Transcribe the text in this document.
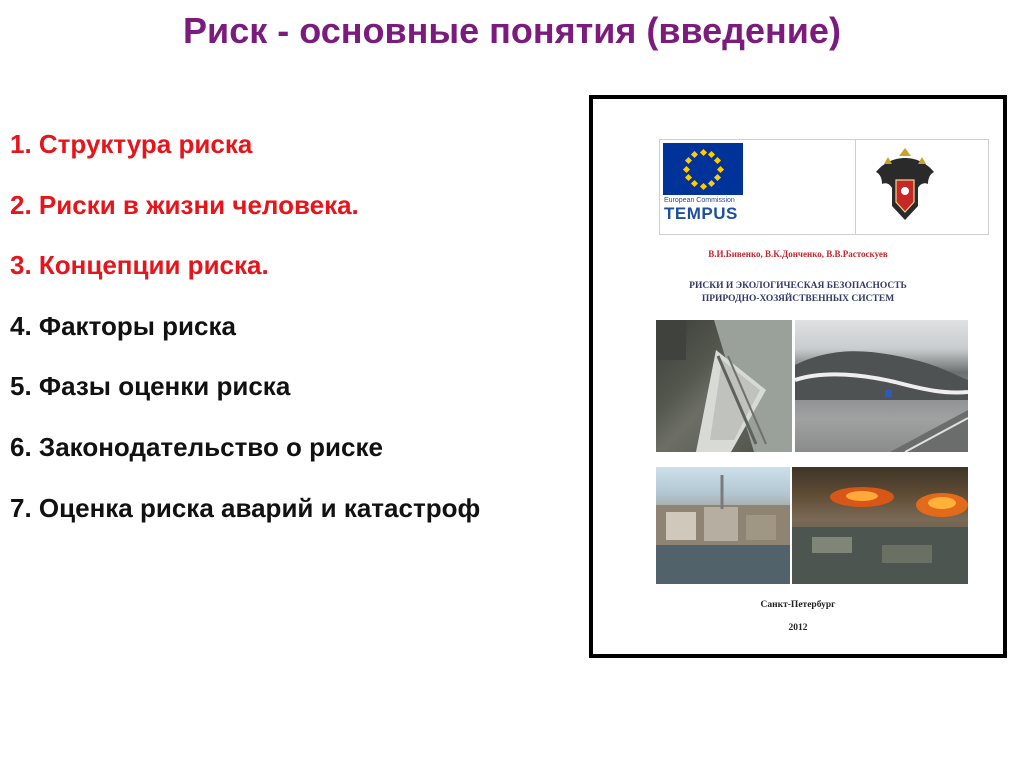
Риск - основные понятия (введение)
1. Структура риска
2. Риски в жизни человека.
3. Концепции риска.
4. Факторы риска
5. Фазы оценки риска
6. Законодательство о риске
7. Оценка риска аварий и катастроф
European Commission
TEMPUS
В.И.Бивенко, В.К.Донченко, В.В.Растоскуев
РИСКИ И ЭКОЛОГИЧЕСКАЯ БЕЗОПАСНОСТЬ
ПРИРОДНО-ХОЗЯЙСТВЕННЫХ СИСТЕМ
Санкт-Петербург
2012
